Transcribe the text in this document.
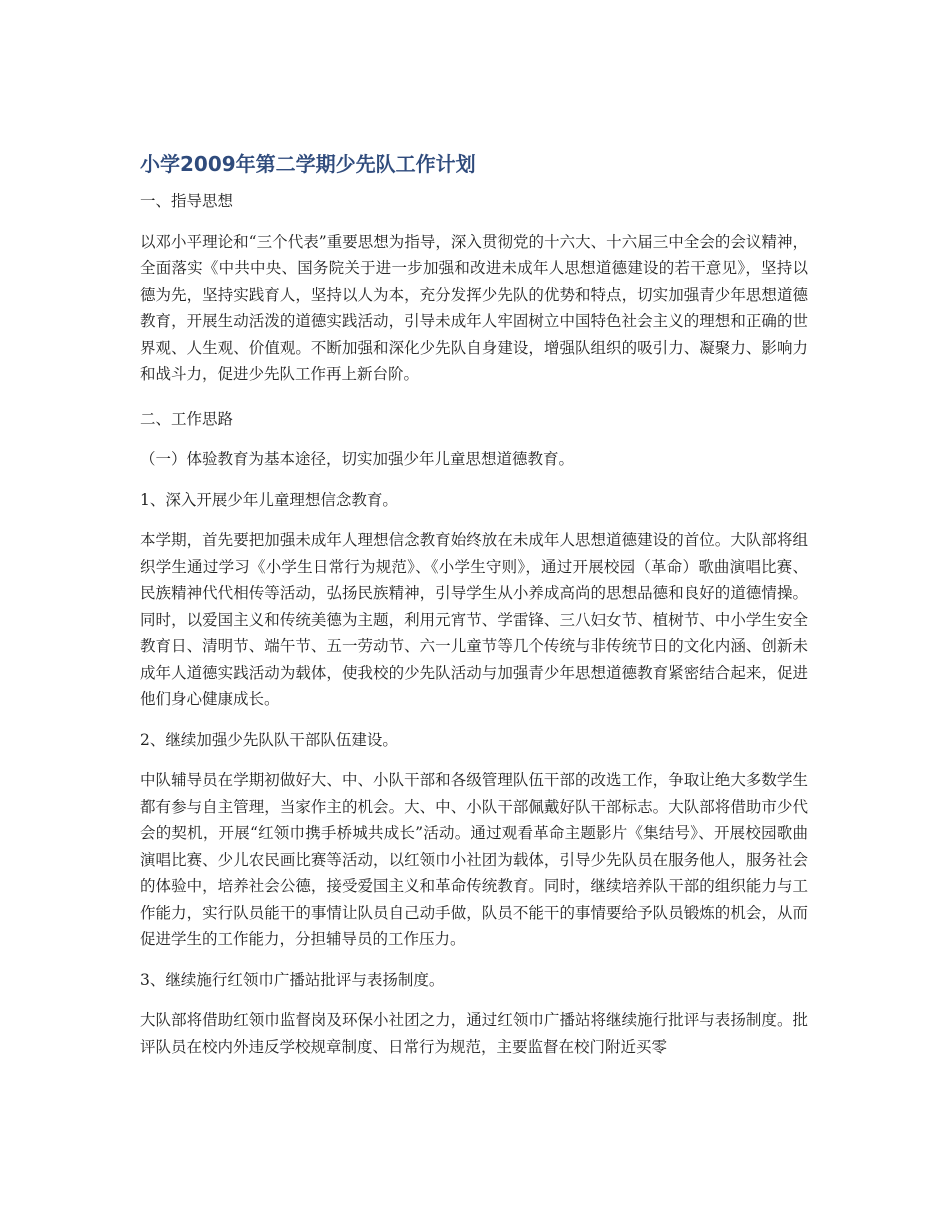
小学2009年第二学期少先队工作计划

一、指导思想

以邓小平理论和“三个代表”重要思想为指导，深入贯彻党的十六大、十六届三中全会的会议精神，全面落实《中共中央、国务院关于进一步加强和改进未成年人思想道德建设的若干意见》，坚持以德为先，坚持实践育人，坚持以人为本，充分发挥少先队的优势和特点，切实加强青少年思想道德教育，开展生动活泼的道德实践活动，引导未成年人牢固树立中国特色社会主义的理想和正确的世界观、人生观、价值观。不断加强和深化少先队自身建设，增强队组织的吸引力、凝聚力、影响力和战斗力，促进少先队工作再上新台阶。

二、工作思路

（一）体验教育为基本途径，切实加强少年儿童思想道德教育。

1、深入开展少年儿童理想信念教育。

本学期，首先要把加强未成年人理想信念教育始终放在未成年人思想道德建设的首位。大队部将组织学生通过学习《小学生日常行为规范》、《小学生守则》，通过开展校园（革命）歌曲演唱比赛、民族精神代代相传等活动，弘扬民族精神，引导学生从小养成高尚的思想品德和良好的道德情操。同时，以爱国主义和传统美德为主题，利用元宵节、学雷锋、三八妇女节、植树节、中小学生安全教育日、清明节、端午节、五一劳动节、六一儿童节等几个传统与非传统节日的文化内涵、创新未成年人道德实践活动为载体，使我校的少先队活动与加强青少年思想道德教育紧密结合起来，促进他们身心健康成长。

2、继续加强少先队队干部队伍建设。

中队辅导员在学期初做好大、中、小队干部和各级管理队伍干部的改选工作，争取让绝大多数学生都有参与自主管理，当家作主的机会。大、中、小队干部佩戴好队干部标志。大队部将借助市少代会的契机，开展“红领巾携手桥城共成长”活动。通过观看革命主题影片《集结号》、开展校园歌曲演唱比赛、少儿农民画比赛等活动，以红领巾小社团为载体，引导少先队员在服务他人，服务社会的体验中，培养社会公德，接受爱国主义和革命传统教育。同时，继续培养队干部的组织能力与工作能力，实行队员能干的事情让队员自己动手做，队员不能干的事情要给予队员锻炼的机会，从而促进学生的工作能力，分担辅导员的工作压力。

3、继续施行红领巾广播站批评与表扬制度。

大队部将借助红领巾监督岗及环保小社团之力，通过红领巾广播站将继续施行批评与表扬制度。批评队员在校内外违反学校规章制度、日常行为规范，主要监督在校门附近买零
